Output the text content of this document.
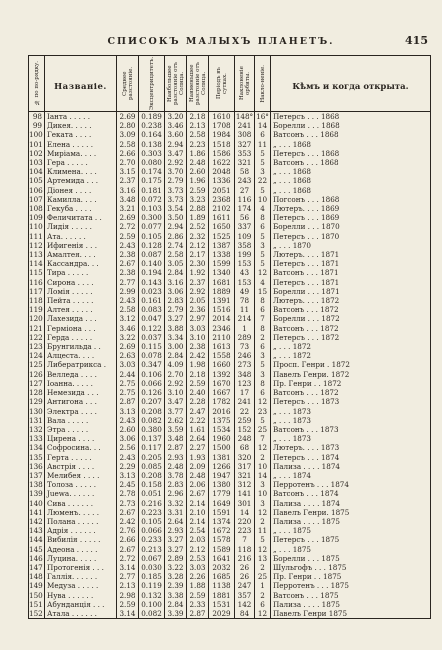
СПИСОКЪ МАЛЫХЪ ПЛАНЕТЪ.	415
№ по по-рядку.	Названіе.	Среднее разстояніе.	Эксцентрицитетъ.	Наибольшее разстояніе отъ Солнца.	Наименьшее разстояніе отъ Солнца.	Періодъ въ сутках.	Наклоненіе орбиты.	Накло-неніе.	Кѣмъ и когда открыта.
98	Іанта . . . . .	2.69	0.189	3.20	2.18	1610	148°	16°	Петерсъ . . . 1868
99	Дикея. . . . .	2.80	0.238	3.46	2.13	1708	241	14	Борелли . . . 1868
100	Геката . . . .	3.09	0.164	3.60	2.58	1984	308	6	Ватсонъ . . . 1868
101	Елена . . . . .	2.58	0.138	2.94	2.23	1518	327	11	„ . . . 1868
102	Миріама. . . .	2.66	0.303	3.47	1.86	1586	353	5	Петерсъ . . . 1868
103	Гера . . . . .	2.70	0.080	2.92	2.48	1622	321	5	Ватсонъ . . . 1868
104	Климена. . . .	3.15	0.174	3.70	2.60	2048	58	3	„ . . . 1868
105	Артемида . . .	2.37	0.175	2.79	1.96	1336	243	22	„ . . . 1868
106	Діонея . . . .	3.16	0.181	3.73	2.59	2051	27	5	„ . . . 1868
107	Камилла. . . .	3.48	0.072	3.73	3.23	2368	116	10	Погсонъ . . . 1868
108	Гекуба . . . .	3.21	0.103	3.54	2.88	2102	174	4	Лютеръ. . . . 1869
109	Феличитата . .	2.69	0.300	3.50	1.89	1611	56	8	Петерсъ . . . 1869
110	Лидія . . . . .	2.72	0.077	2.94	2.52	1650	337	6	Борелли . . . 1870
111	Ата. . . . . .	2.59	0.105	2.86	2.32	1525	109	5	Петерсъ . . . 1870
112	Ифигенія . . .	2.43	0.128	2.74	2.12	1387	358	3	„ . . . 1870
113	Амалтея. . . .	2.38	0.087	2.58	2.17	1338	199	5	Лютеръ. . . . 1871
114	Кассандра. . .	2.67	0.140	3.05	2.30	1599	153	5	Петерсъ . . . 1871
115	Тира . . . . .	2.38	0.194	2.84	1.92	1340	43	12	Ватсонъ . . . 1871
116	Сирона . . . .	2.77	0.143	3.16	2.37	1681	153	4	Петерсъ . . . 1871
117	Ломія . . . . .	2.99	0.023	3.06	2.92	1889	49	15	Борелли . . . 1871
118	Пейта . . . . .	2.43	0.161	2.83	2.05	1391	78	8	Лютеръ. . . . 1872
119	Алтея . . . . .	2.58	0.083	2.79	2.36	1516	11	6	Ватсонъ . . . 1872
120	Лахезида . . .	3.12	0.047	3.27	2.97	2014	214	7	Борелли . . . 1872
121	Герміона . . .	3.46	0.122	3.88	3.03	2346	1	8	Ватсонъ . . . 1872
122	Герда . . . . .	3.22	0.037	3.34	3.10	2110	289	2	Петерсъ . . . 1872
123	Брунгильда . .	2.69	0.115	3.00	2.38	1613	73	6	„ . . . 1872
124	Алцеста. . . .	2.63	0.078	2.84	2.42	1558	246	3	„ . . . 1872
125	Либератрикса .	3.03	0.347	4.09	1.98	1660	273	5	Просп. Генри . 1872
126	Велледа . . . .	2.44	0.106	2.70	2.18	1392	348	3	Павелъ Генри. 1872
127	Іоанна. . . . .	2.75	0.066	2.92	2.59	1670	123	8	Пр. Генри . . 1872
128	Немезида . . .	2.75	0.126	3.10	2.40	1667	17	6	Ватсонъ . . . 1872
129	Антигона . . .	2.87	0.207	3.47	2.28	1782	241	12	Петерсъ . . . 1873
130	Электра . . . .	3.13	0.208	3.77	2.47	2016	22	23	„ . . . 1873
131	Вала . . . . .	2.43	0.082	2.62	2.22	1375	259	5	„ . . . 1873
132	Этра . . . . .	2.60	0.380	3.59	1.61	1534	152	25	Ватсонъ . . . 1873
133	Цирена . . . .	3.06	0.137	3.48	2.64	1960	248	7	„ . . . 1873
134	Софросина. . .	2.56	0.117	2.87	2.27	1500	68	12	Лютеръ. . . . 1873
135	Герта . . . . .	2.43	0.205	2.93	1.93	1381	320	2	Петерсъ . . . 1874
136	Австрія . . . .	2.29	0.085	2.48	2.09	1266	317	10	Пализа . . . . 1874
137	Мелибея . . . .	3.13	0.208	3.78	2.48	1947	321	14	„ . . . 1874
138	Толоза . . . . .	2.45	0.158	2.83	2.06	1380	312	3	Перротенъ . . . 1874
139	Јuewa. . . . . .	2.78	0.051	2.96	2.67	1779	141	10	Ватсонъ . . . 1874
140	Сива . . . . . .	2.73	0.216	3.32	2.14	1649	301	3	Пализа . . . . 1874
141	Люменъ. . . . .	2.67	0.223	3.31	2.10	1591	14	12	Павелъ Генри. 1875
142	Полана . . . . .	2.42	0.105	2.64	2.14	1374	220	2	Пализа . . . . 1875
143	Адрія . . . . . .	2.76	0.066	2.93	2.54	1672	223	11	„ . . . 1875
144	Вибилія . . . . .	2.66	0.233	3.27	2.03	1578	7	5	Петерсъ . . . 1875
145	Адеона . . . . .	2.67	0.213	3.27	2.12	1589	118	12	„ . . . 1875
146	Луцина. . . . .	2.72	0.067	2.89	2.53	1641	216	13	Борелли . . . 1875
147	Протогенія . . .	3.14	0.030	3.22	3.03	2032	26	2	Шульгофъ . . . 1875
148	Галлія. . . . . .	2.77	0.185	3.28	2.26	1685	26	25	Пр. Генри . . 1875
149	Медуза . . . . .	2.13	0.119	2.39	1.88	1138	247	1	Перротенъ . . . 1875
150	Нува . . . . . .	2.98	0.132	3.38	2.59	1881	357	2	Ватсонъ . . . 1875
151	Абунданція . . .	2.59	0.100	2.84	2.33	1531	142	6	Пализа . . . . 1875
152	Атала . . . . . .	3.14	0.082	3.39	2.87	2029	84	12	Павелъ Генри 1875
